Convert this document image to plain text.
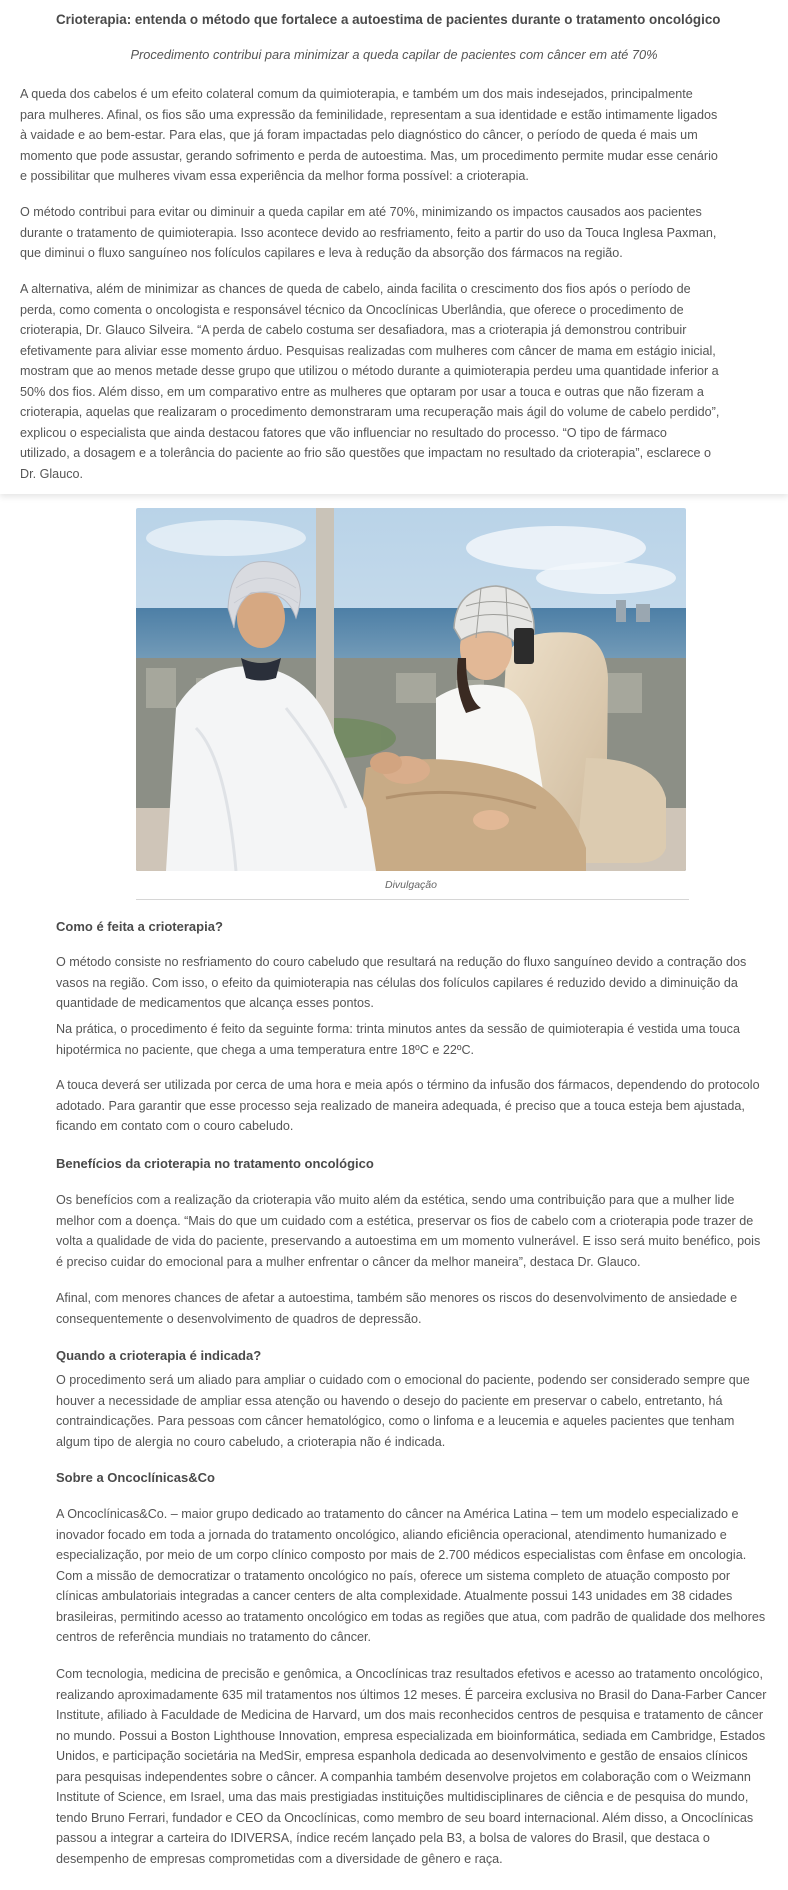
Crioterapia: entenda o método que fortalece a autoestima de pacientes durante o tratamento oncológico

Procedimento contribui para minimizar a queda capilar de pacientes com câncer em até 70%

A queda dos cabelos é um efeito colateral comum da quimioterapia, e também um dos mais indesejados, principalmente para mulheres. Afinal, os fios são uma expressão da feminilidade, representam a sua identidade e estão intimamente ligados à vaidade e ao bem-estar. Para elas, que já foram impactadas pelo diagnóstico do câncer, o período de queda é mais um momento que pode assustar, gerando sofrimento e perda de autoestima. Mas, um procedimento permite mudar esse cenário e possibilitar que mulheres vivam essa experiência da melhor forma possível: a crioterapia.

O método contribui para evitar ou diminuir a queda capilar em até 70%, minimizando os impactos causados aos pacientes durante o tratamento de quimioterapia. Isso acontece devido ao resfriamento, feito a partir do uso da Touca Inglesa Paxman, que diminui o fluxo sanguíneo nos folículos capilares e leva à redução da absorção dos fármacos na região.

A alternativa, além de minimizar as chances de queda de cabelo, ainda facilita o crescimento dos fios após o período de perda, como comenta o oncologista e responsável técnico da Oncoclínicas Uberlândia, que oferece o procedimento de crioterapia, Dr. Glauco Silveira. “A perda de cabelo costuma ser desafiadora, mas a crioterapia já demonstrou contribuir efetivamente para aliviar esse momento árduo. Pesquisas realizadas com mulheres com câncer de mama em estágio inicial, mostram que ao menos metade desse grupo que utilizou o método durante a quimioterapia perdeu uma quantidade inferior a 50% dos fios. Além disso, em um comparativo entre as mulheres que optaram por usar a touca e outras que não fizeram a crioterapia, aquelas que realizaram o procedimento demonstraram uma recuperação mais ágil do volume de cabelo perdido”, explicou o especialista que ainda destacou fatores que vão influenciar no resultado do processo. “O tipo de fármaco utilizado, a dosagem e a tolerância do paciente ao frio são questões que impactam no resultado da crioterapia”, esclarece o Dr. Glauco.

Divulgação

Como é feita a crioterapia?

O método consiste no resfriamento do couro cabeludo que resultará na redução do fluxo sanguíneo devido a contração dos vasos na região. Com isso, o efeito da quimioterapia nas células dos folículos capilares é reduzido devido a diminuição da quantidade de medicamentos que alcança esses pontos.

Na prática, o procedimento é feito da seguinte forma: trinta minutos antes da sessão de quimioterapia é vestida uma touca hipotérmica no paciente, que chega a uma temperatura entre 18ºC e 22ºC.

A touca deverá ser utilizada por cerca de uma hora e meia após o término da infusão dos fármacos, dependendo do protocolo adotado. Para garantir que esse processo seja realizado de maneira adequada, é preciso que a touca esteja bem ajustada, ficando em contato com o couro cabeludo.

Benefícios da crioterapia no tratamento oncológico

Os benefícios com a realização da crioterapia vão muito além da estética, sendo uma contribuição para que a mulher lide melhor com a doença. “Mais do que um cuidado com a estética, preservar os fios de cabelo com a crioterapia pode trazer de volta a qualidade de vida do paciente, preservando a autoestima em um momento vulnerável. E isso será muito benéfico, pois é preciso cuidar do emocional para a mulher enfrentar o câncer da melhor maneira”, destaca Dr. Glauco.

Afinal, com menores chances de afetar a autoestima, também são menores os riscos do desenvolvimento de ansiedade e consequentemente o desenvolvimento de quadros de depressão.

Quando a crioterapia é indicada?

O procedimento será um aliado para ampliar o cuidado com o emocional do paciente, podendo ser considerado sempre que houver a necessidade de ampliar essa atenção ou havendo o desejo do paciente em preservar o cabelo, entretanto, há contraindicações. Para pessoas com câncer hematológico, como o linfoma e a leucemia e aqueles pacientes que tenham algum tipo de alergia no couro cabeludo, a crioterapia não é indicada.

Sobre a Oncoclínicas&Co

A Oncoclínicas&Co. – maior grupo dedicado ao tratamento do câncer na América Latina – tem um modelo especializado e inovador focado em toda a jornada do tratamento oncológico, aliando eficiência operacional, atendimento humanizado e especialização, por meio de um corpo clínico composto por mais de 2.700 médicos especialistas com ênfase em oncologia. Com a missão de democratizar o tratamento oncológico no país, oferece um sistema completo de atuação composto por clínicas ambulatoriais integradas a cancer centers de alta complexidade. Atualmente possui 143 unidades em 38 cidades brasileiras, permitindo acesso ao tratamento oncológico em todas as regiões que atua, com padrão de qualidade dos melhores centros de referência mundiais no tratamento do câncer.

Com tecnologia, medicina de precisão e genômica, a Oncoclínicas traz resultados efetivos e acesso ao tratamento oncológico, realizando aproximadamente 635 mil tratamentos nos últimos 12 meses. É parceira exclusiva no Brasil do Dana-Farber Cancer Institute, afiliado à Faculdade de Medicina de Harvard, um dos mais reconhecidos centros de pesquisa e tratamento de câncer no mundo. Possui a Boston Lighthouse Innovation, empresa especializada em bioinformática, sediada em Cambridge, Estados Unidos, e participação societária na MedSir, empresa espanhola dedicada ao desenvolvimento e gestão de ensaios clínicos para pesquisas independentes sobre o câncer. A companhia também desenvolve projetos em colaboração com o Weizmann Institute of Science, em Israel, uma das mais prestigiadas instituições multidisciplinares de ciência e de pesquisa do mundo, tendo Bruno Ferrari, fundador e CEO da Oncoclínicas, como membro de seu board internacional. Além disso, a Oncoclínicas passou a integrar a carteira do IDIVERSA, índice recém lançado pela B3, a bolsa de valores do Brasil, que destaca o desempenho de empresas comprometidas com a diversidade de gênero e raça.
